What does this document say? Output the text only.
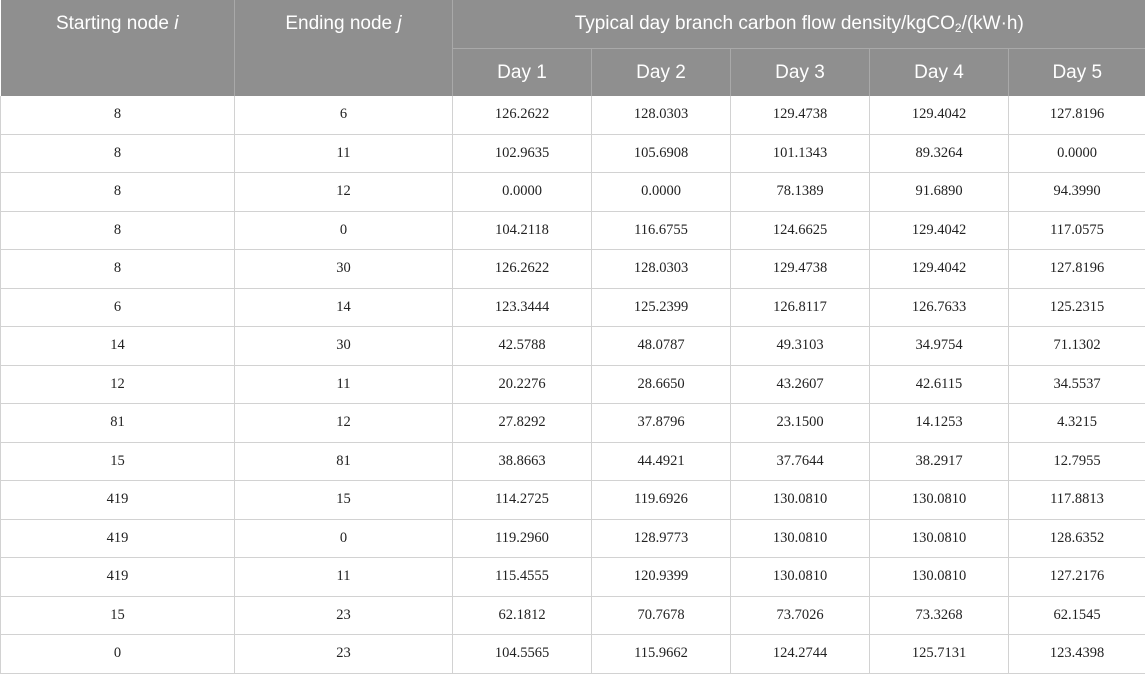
Starting node i	Ending node j	Typical day branch carbon flow density/kgCO$_2$/(kW·h)				
		Day 1	Day 2	Day 3	Day 4	Day 5
8	6	126.2622	128.0303	129.4738	129.4042	127.8196
8	11	102.9635	105.6908	101.1343	89.3264	0.0000
8	12	0.0000	0.0000	78.1389	91.6890	94.3990
8	0	104.2118	116.6755	124.6625	129.4042	117.0575
8	30	126.2622	128.0303	129.4738	129.4042	127.8196
6	14	123.3444	125.2399	126.8117	126.7633	125.2315
14	30	42.5788	48.0787	49.3103	34.9754	71.1302
12	11	20.2276	28.6650	43.2607	42.6115	34.5537
81	12	27.8292	37.8796	23.1500	14.1253	4.3215
15	81	38.8663	44.4921	37.7644	38.2917	12.7955
419	15	114.2725	119.6926	130.0810	130.0810	117.8813
419	0	119.2960	128.9773	130.0810	130.0810	128.6352
419	11	115.4555	120.9399	130.0810	130.0810	127.2176
15	23	62.1812	70.7678	73.7026	73.3268	62.1545
0	23	104.5565	115.9662	124.2744	125.7131	123.4398
